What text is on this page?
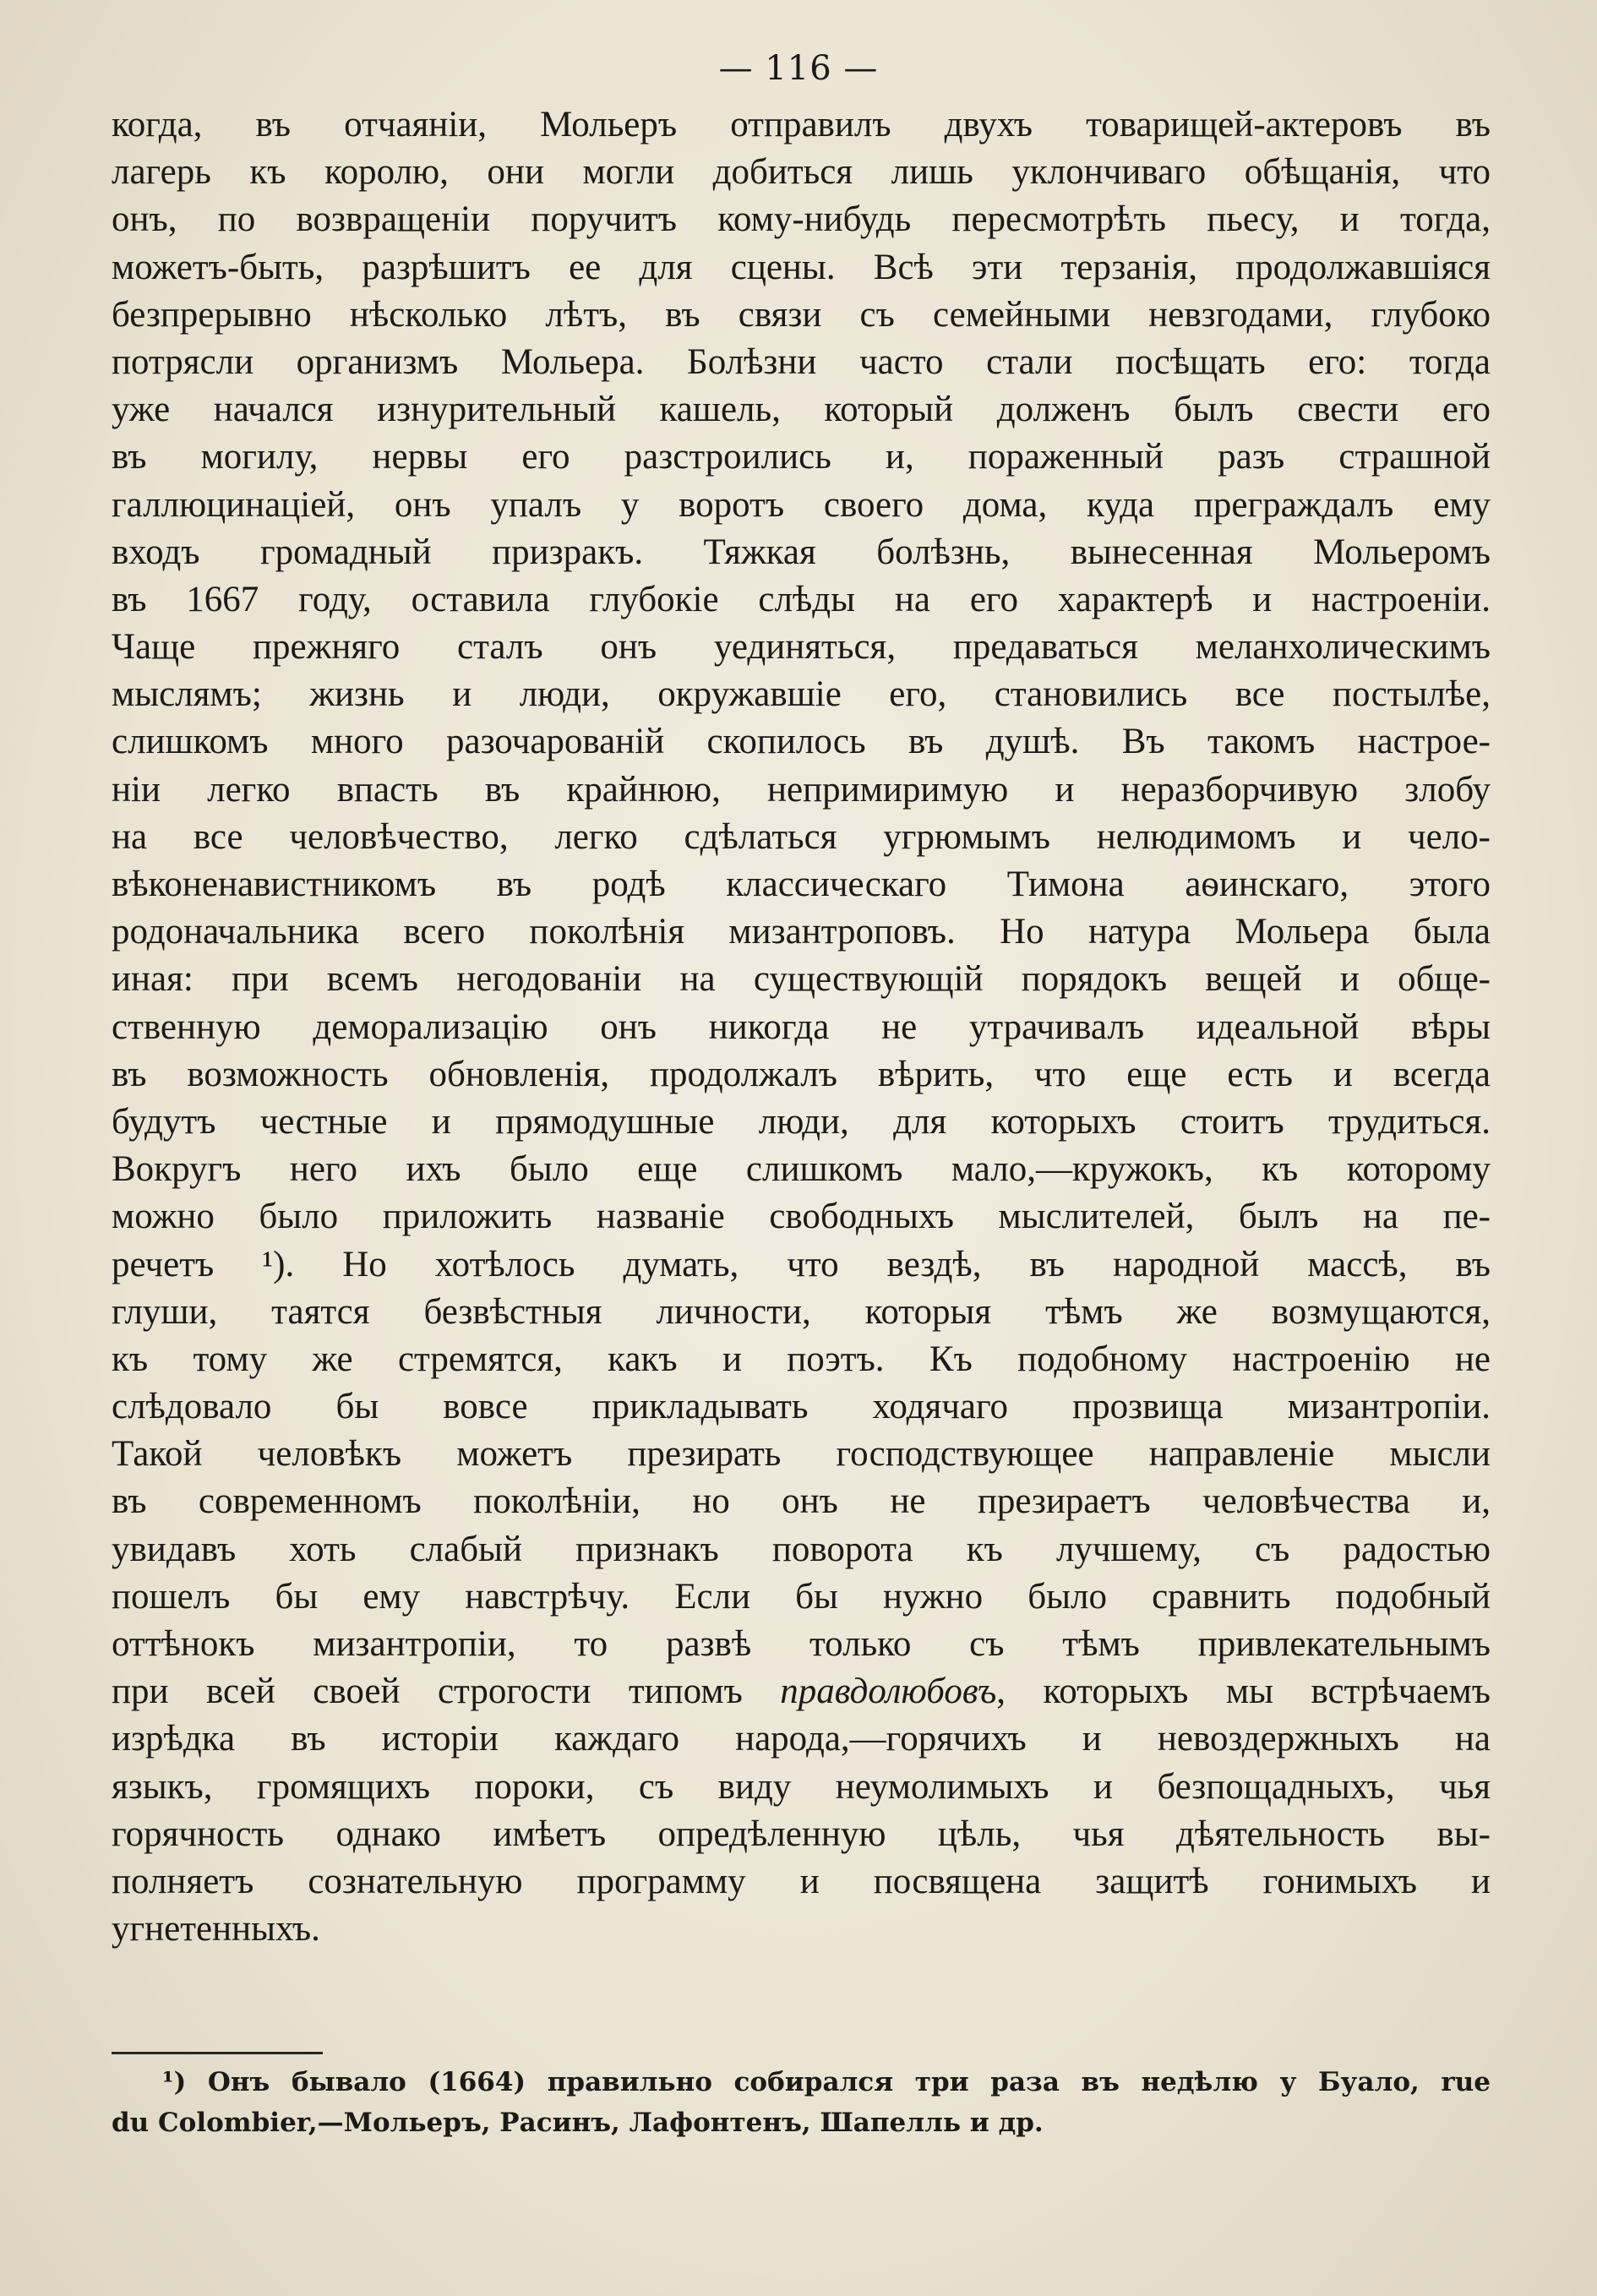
— 116 —
когда, въ отчаяніи, Мольеръ отправилъ двухъ товарищей-актеровъ въ
лагерь къ королю, они могли добиться лишь уклончиваго обѣщанія, что
онъ, по возвращеніи поручитъ кому-нибудь пересмотрѣть пьесу, и тогда,
можетъ-быть, разрѣшитъ ее для сцены. Всѣ эти терзанія, продолжавшіяся
безпрерывно нѣсколько лѣтъ, въ связи съ семейными невзгодами, глубоко
потрясли организмъ Мольера. Болѣзни часто стали посѣщать его: тогда
уже начался изнурительный кашель, который долженъ былъ свести его
въ могилу, нервы его разстроились и, пораженный разъ страшной
галлюцинаціей, онъ упалъ у воротъ своего дома, куда преграждалъ ему
входъ громадный призракъ. Тяжкая болѣзнь, вынесенная Мольеромъ
въ 1667 году, оставила глубокіе слѣды на его характерѣ и настроеніи.
Чаще прежняго сталъ онъ уединяться, предаваться меланхолическимъ
мыслямъ; жизнь и люди, окружавшіе его, становились все постылѣе,
слишкомъ много разочарованій скопилось въ душѣ. Въ такомъ настрое-
ніи легко впасть въ крайнюю, непримиримую и неразборчивую злобу
на все человѣчество, легко сдѣлаться угрюмымъ нелюдимомъ и чело-
вѣконенавистникомъ въ родѣ классическаго Тимона аѳинскаго, этого
родоначальника всего поколѣнія мизантроповъ. Но натура Мольера была
иная: при всемъ негодованіи на существующій порядокъ вещей и обще-
ственную деморализацію онъ никогда не утрачивалъ идеальной вѣры
въ возможность обновленія, продолжалъ вѣрить, что еще есть и всегда
будутъ честные и прямодушные люди, для которыхъ стоитъ трудиться.
Вокругъ него ихъ было еще слишкомъ мало,—кружокъ, къ которому
можно было приложить названіе свободныхъ мыслителей, былъ на пе-
речетъ ¹). Но хотѣлось думать, что вездѣ, въ народной массѣ, въ
глуши, таятся безвѣстныя личности, которыя тѣмъ же возмущаются,
къ тому же стремятся, какъ и поэтъ. Къ подобному настроенію не
слѣдовало бы вовсе прикладывать ходячаго прозвища мизантропіи.
Такой человѣкъ можетъ презирать господствующее направленіе мысли
въ современномъ поколѣніи, но онъ не презираетъ человѣчества и,
увидавъ хоть слабый признакъ поворота къ лучшему, съ радостью
пошелъ бы ему навстрѣчу. Если бы нужно было сравнить подобный
оттѣнокъ мизантропіи, то развѣ только съ тѣмъ привлекательнымъ
при всей своей строгости типомъ правдолюбовъ, которыхъ мы встрѣчаемъ
изрѣдка въ исторіи каждаго народа,—горячихъ и невоздержныхъ на
языкъ, громящихъ пороки, съ виду неумолимыхъ и безпощадныхъ, чья
горячность однако имѣетъ опредѣленную цѣль, чья дѣятельность вы-
полняетъ сознательную программу и посвящена защитѣ гонимыхъ и
угнетенныхъ.
¹) Онъ бывало (1664) правильно собирался три раза въ недѣлю у Буало, rue
du Colombier,—Мольеръ, Расинъ, Лафонтенъ, Шапелль и др.
